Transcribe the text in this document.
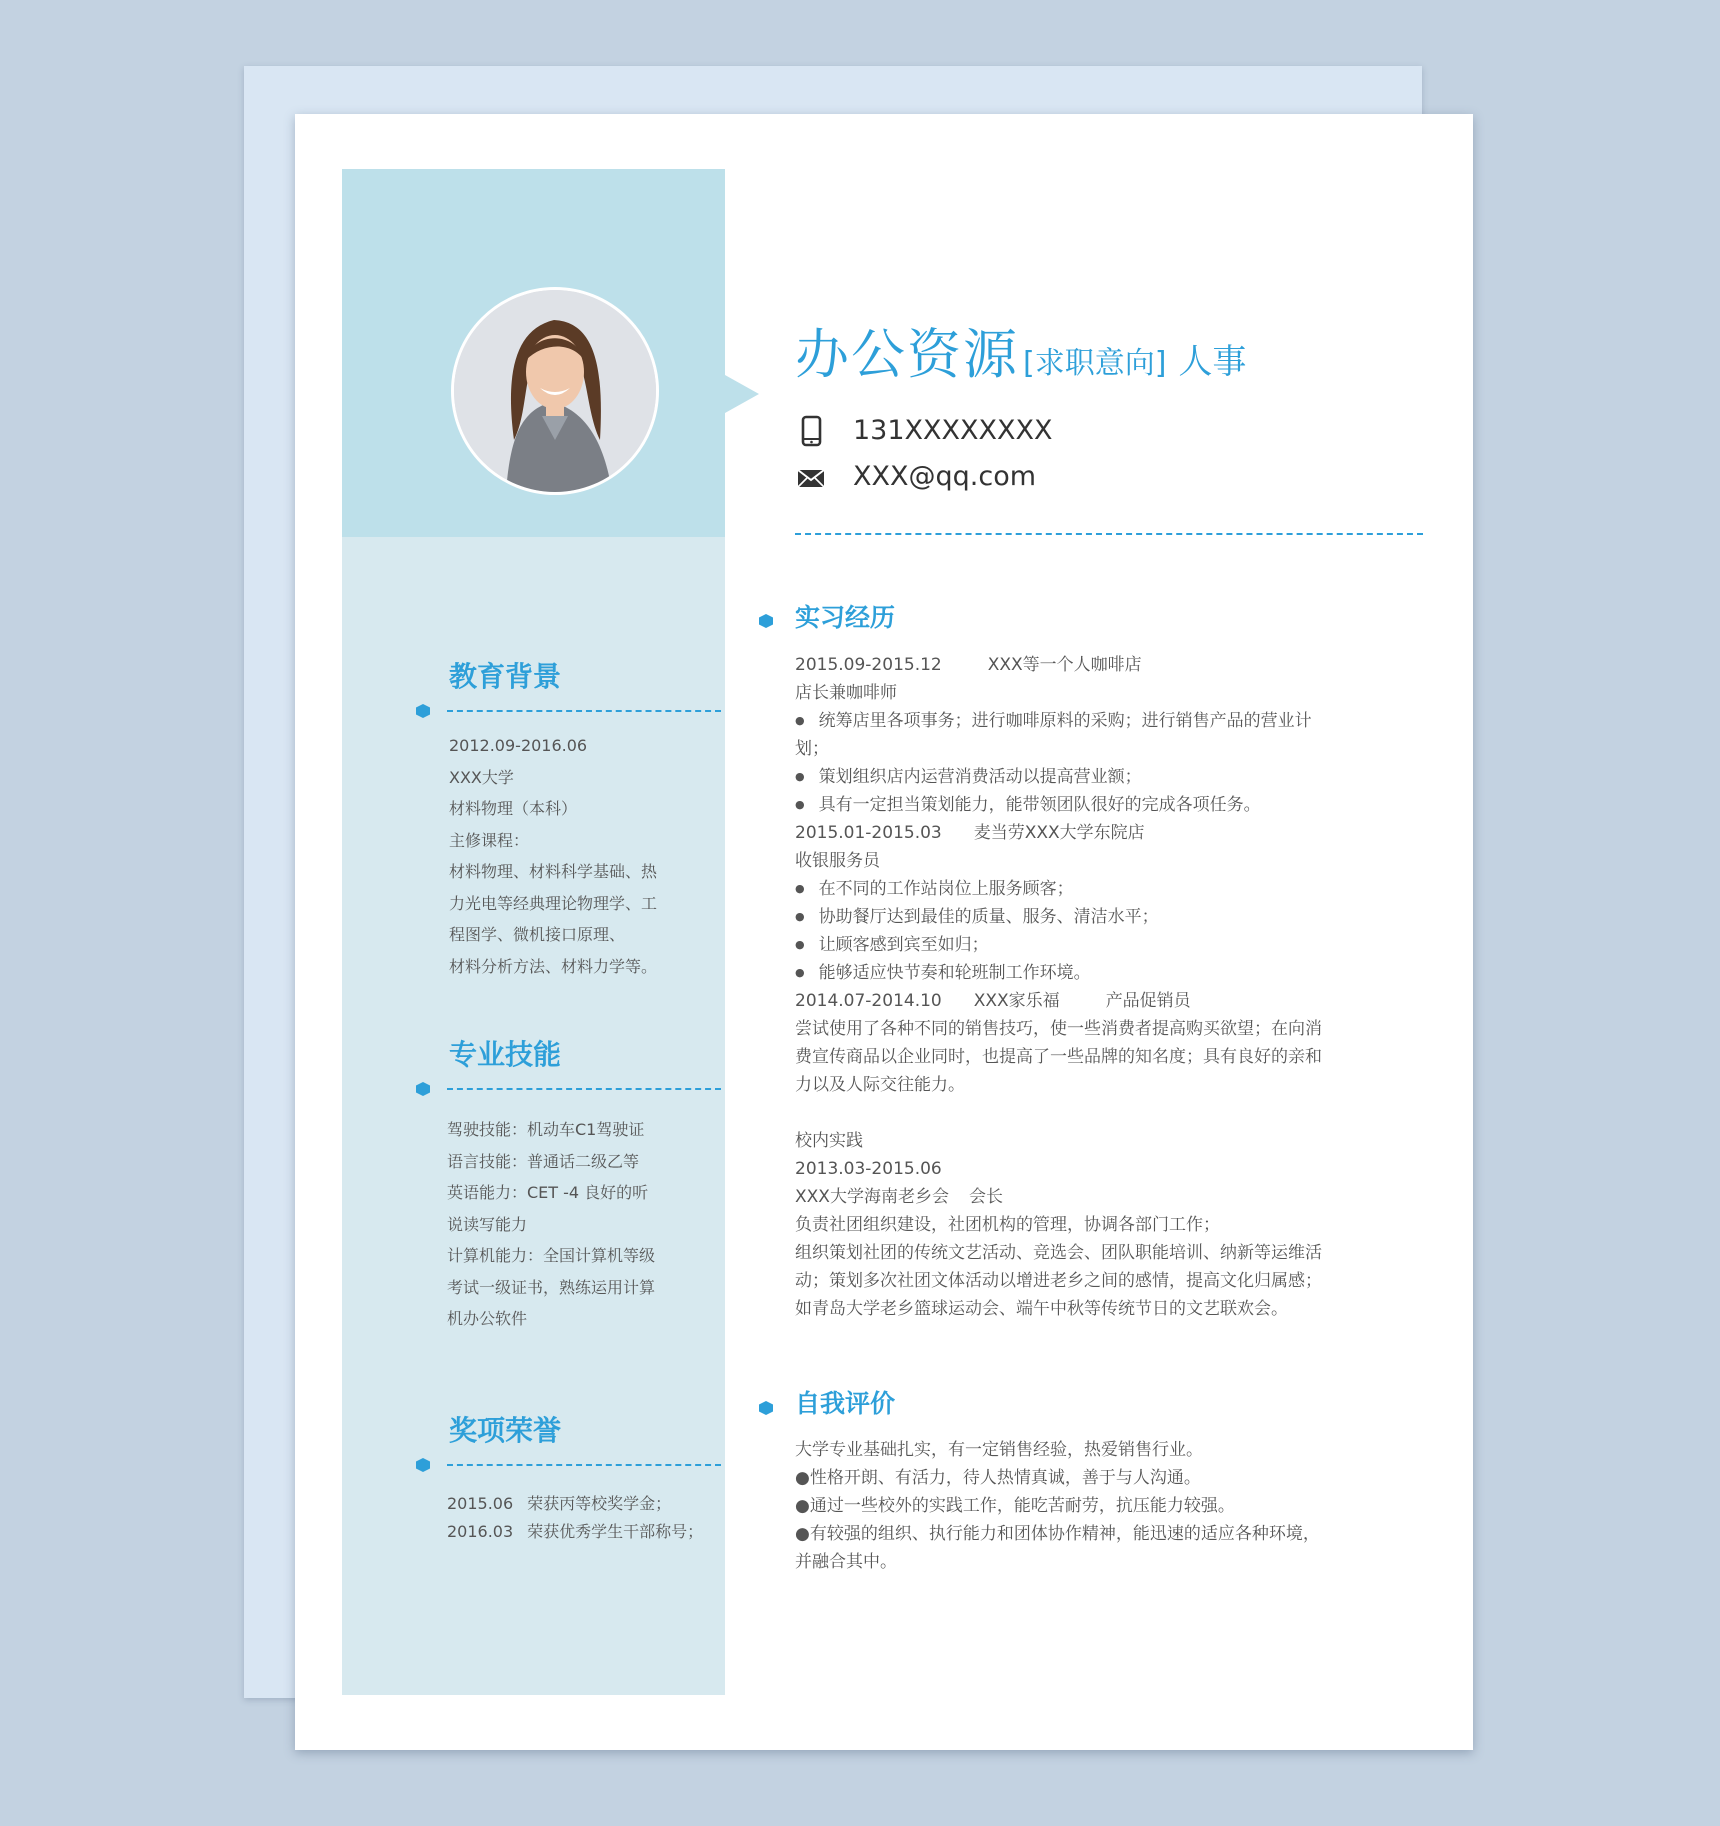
教育背景
2012.09-2016.06
XXX大学
材料物理（本科）
主修课程：
材料物理、材料科学基础、热
力光电等经典理论物理学、工
程图学、微机接口原理、
材料分析方法、材料力学等。
专业技能
驾驶技能：机动车C1驾驶证
语言技能：普通话二级乙等
英语能力：CET -4 良好的听
说读写能力
计算机能力：全国计算机等级
考试一级证书，熟练运用计算
机办公软件
奖项荣誉
2015.06 荣获丙等校奖学金；
2016.03 荣获优秀学生干部称号；
办公资源 [求职意向] 人事
131XXXXXXXX
XXX@qq.com
实习经历

2015.09-2015.12	XXX等一个人咖啡店

店长兼咖啡师

● 统筹店里各项事务；进行咖啡原料的采购；进行销售产品的营业计划；

● 策划组织店内运营消费活动以提高营业额；

● 具有一定担当策划能力，能带领团队很好的完成各项任务。

2015.01-2015.03 麦当劳XXX大学东院店

收银服务员

● 在不同的工作站岗位上服务顾客；

● 协助餐厅达到最佳的质量、服务、清洁水平；

● 让顾客感到宾至如归；

● 能够适应快节奏和轮班制工作环境。

2014.07-2014.10 XXX家乐福	产品促销员

尝试使用了各种不同的销售技巧，使一些消费者提高购买欲望；在向消费宣传商品以企业同时，也提高了一些品牌的知名度；具有良好的亲和力以及人际交往能力。

校内实践

2013.03-2015.06

XXX大学海南老乡会 会长

负责社团组织建设，社团机构的管理，协调各部门工作；

组织策划社团的传统文艺活动、竞选会、团队职能培训、纳新等运维活动；策划多次社团文体活动以增进老乡之间的感情，提高文化归属感；如青岛大学老乡篮球运动会、端午中秋等传统节日的文艺联欢会。

自我评价

大学专业基础扎实，有一定销售经验，热爱销售行业。

●性格开朗、有活力，待人热情真诚，善于与人沟通。

●通过一些校外的实践工作，能吃苦耐劳，抗压能力较强。

●有较强的组织、执行能力和团体协作精神，能迅速的适应各种环境，并融合其中。
